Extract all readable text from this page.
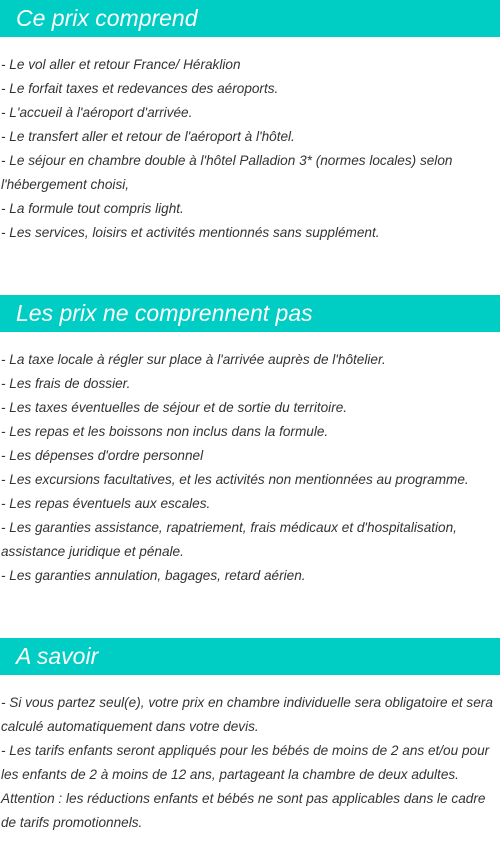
Ce prix comprend
- Le vol aller et retour France/ Héraklion
- Le forfait taxes et redevances des aéroports.
- L'accueil à l'aéroport d'arrivée.
- Le transfert aller et retour de l'aéroport à l'hôtel.
- Le séjour en chambre double à l'hôtel Palladion 3* (normes locales) selon l'hébergement choisi,
- La formule tout compris light.
- Les services, loisirs et activités mentionnés sans supplément.
Les prix ne comprennent pas
- La taxe locale à régler sur place à l'arrivée auprès de l'hôtelier.
- Les frais de dossier.
- Les taxes éventuelles de séjour et de sortie du territoire.
- Les repas et les boissons non inclus dans la formule.
- Les dépenses d'ordre personnel
- Les excursions facultatives, et les activités non mentionnées au programme.
- Les repas éventuels aux escales.
- Les garanties assistance, rapatriement, frais médicaux et d'hospitalisation, assistance juridique et pénale.
- Les garanties annulation, bagages, retard aérien.
A savoir
- Si vous partez seul(e), votre prix en chambre individuelle sera obligatoire et sera calculé automatiquement dans votre devis.
- Les tarifs enfants seront appliqués pour les bébés de moins de 2 ans et/ou pour les enfants de 2 à moins de 12 ans, partageant la chambre de deux adultes.
Attention : les réductions enfants et bébés ne sont pas applicables dans le cadre de tarifs promotionnels.
